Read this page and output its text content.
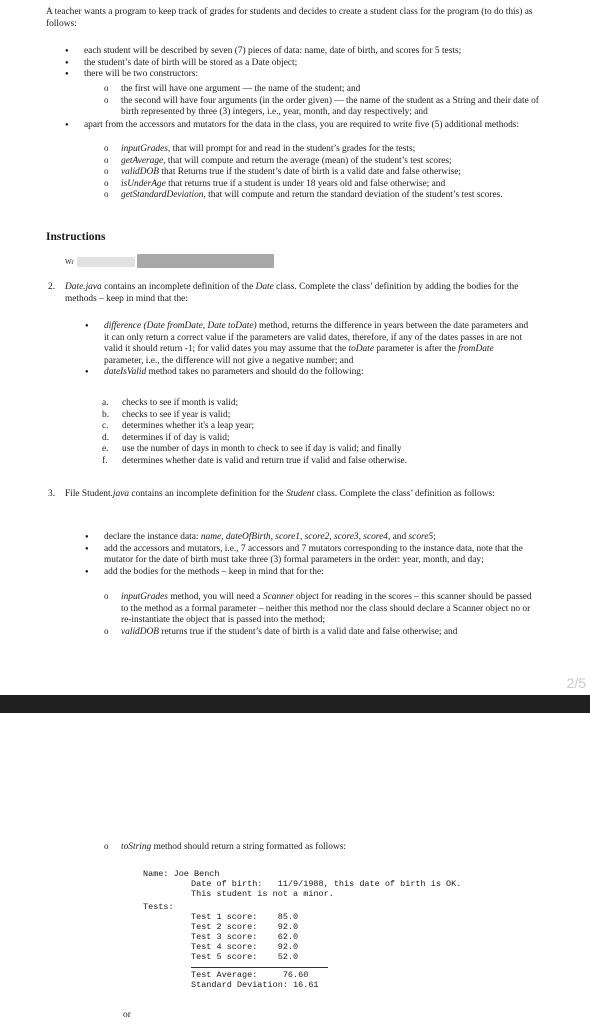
A teacher wants a program to keep track of grades for students and decides to create a student class for the program (to do this) as follows:

● each student will be described by seven (7) pieces of data: name, date of birth, and scores for 5 tests;
● the student’s date of birth will be stored as a Date object;
● there will be two constructors:
o the first will have one argument — the name of the student; and
o the second will have four arguments (in the order given) — the name of the student as a String and their date of birth represented by three (3) integers, i.e., year, month, and day respectively; and
● apart from the accessors and mutators for the data in the class, you are required to write five (5) additional methods:
o inputGrades, that will prompt for and read in the student’s grades for the tests;
o getAverage, that will compute and return the average (mean) of the student’s test scores;
o validDOB that Returns true if the student’s date of birth is a valid date and false otherwise;
o isUnderAge that returns true if a student is under 18 years old and false otherwise; and
o getStandardDeviation, that will compute and return the standard deviation of the student’s test scores.
Instructions
Wr
2. Date.java contains an incomplete definition of the Date class. Complete the class’ definition by adding the bodies for the methods – keep in mind that the:

● difference (Date fromDate, Date toDate) method, returns the difference in years between the date parameters and it can only return a correct value if the parameters are valid dates, therefore, if any of the dates passes in are not valid it should return -1; for valid dates you may assume that the toDate parameter is after the fromDate parameter, i.e., the difference will not give a negative number; and
● dateIsValid method takes no parameters and should do the following:
a. checks to see if month is valid;
b. checks to see if year is valid;
c. determines whether it's a leap year;
d. determines if of day is valid;
e. use the number of days in month to check to see if day is valid; and finally
f. determines whether date is valid and return true if valid and false otherwise.
3. File Student.java contains an incomplete definition for the Student class. Complete the class’ definition as follows:

● declare the instance data: name, dateOfBirth, score1, score2, score3, score4, and score5;
● add the accessors and mutators, i.e., 7 accessors and 7 mutators corresponding to the instance data, note that the mutator for the date of birth must take three (3) formal parameters in the order: year, month, and day;
● add the bodies for the methods – keep in mind that for the:
o inputGrades method, you will need a Scanner object for reading in the scores – this scanner should be passed to the method as a formal parameter – neither this method nor the class should declare a Scanner object no or re-instantiate the object that is passed into the method;
o validDOB returns true if the student’s date of birth is a valid date and false otherwise; and
2/5
o toString method should return a string formatted as follows:
Name: Joe Bench
Date of birth:   11/9/1988, this date of birth is OK.
This student is not a minor.
Tests:
Test 1 score:    85.0
Test 2 score:    92.0
Test 3 score:    62.0
Test 4 score:    92.0
Test 5 score:    52.0
Test Average:     76.60
Standard Deviation: 16.61
or
